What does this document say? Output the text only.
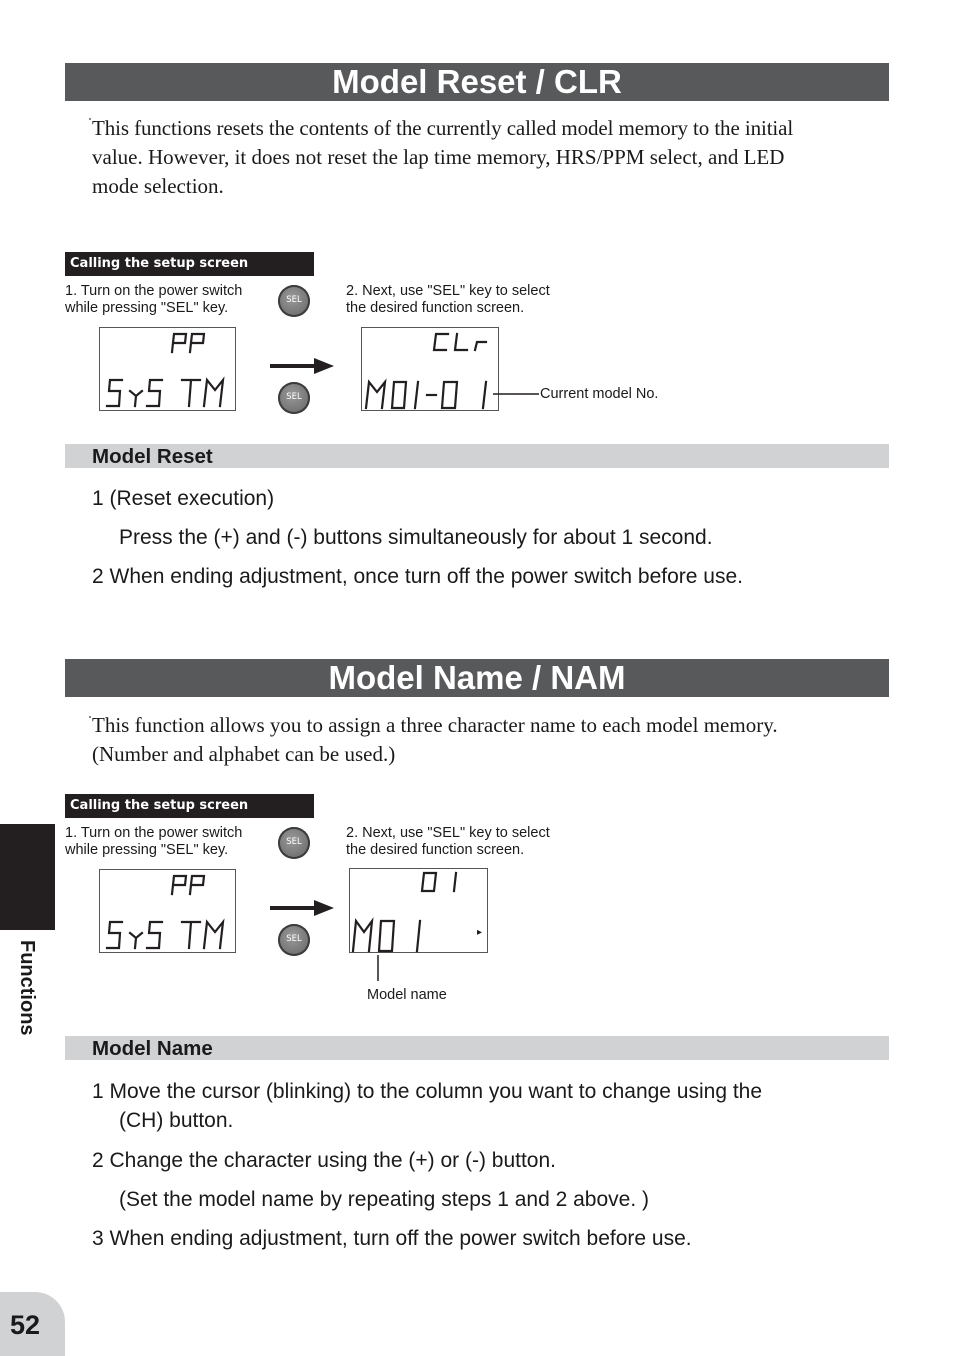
Model Reset / CLR
This functions resets the contents of the currently called model memory to the initial
value. However, it does not reset the lap time memory, HRS/PPM select, and LED
mode selection.
Calling the setup screen
1. Turn on the power switch
while pressing "SEL" key.
2. Next, use "SEL" key to select
the desired function screen.
SEL
SEL	Current model No.
Model Reset
1 (Reset execution)
Press the (+) and (-) buttons simultaneously for about 1 second.
2 When ending adjustment, once turn off the power switch before use.
Model Name / NAM
This function allows you to assign a three character name to each model memory.
(Number and alphabet can be used.)
Calling the setup screen
1. Turn on the power switch
while pressing "SEL" key.
2. Next, use "SEL" key to select
the desired function screen.
SEL
SEL
▸
Model name
Model Name
1 Move the cursor (blinking) to the column you want to change using the
(CH) button.
2 Change the character using the (+) or (-) button.
(Set the model name by repeating steps 1 and 2 above. )
3 When ending adjustment, turn off the power switch before use.
Functions
52
